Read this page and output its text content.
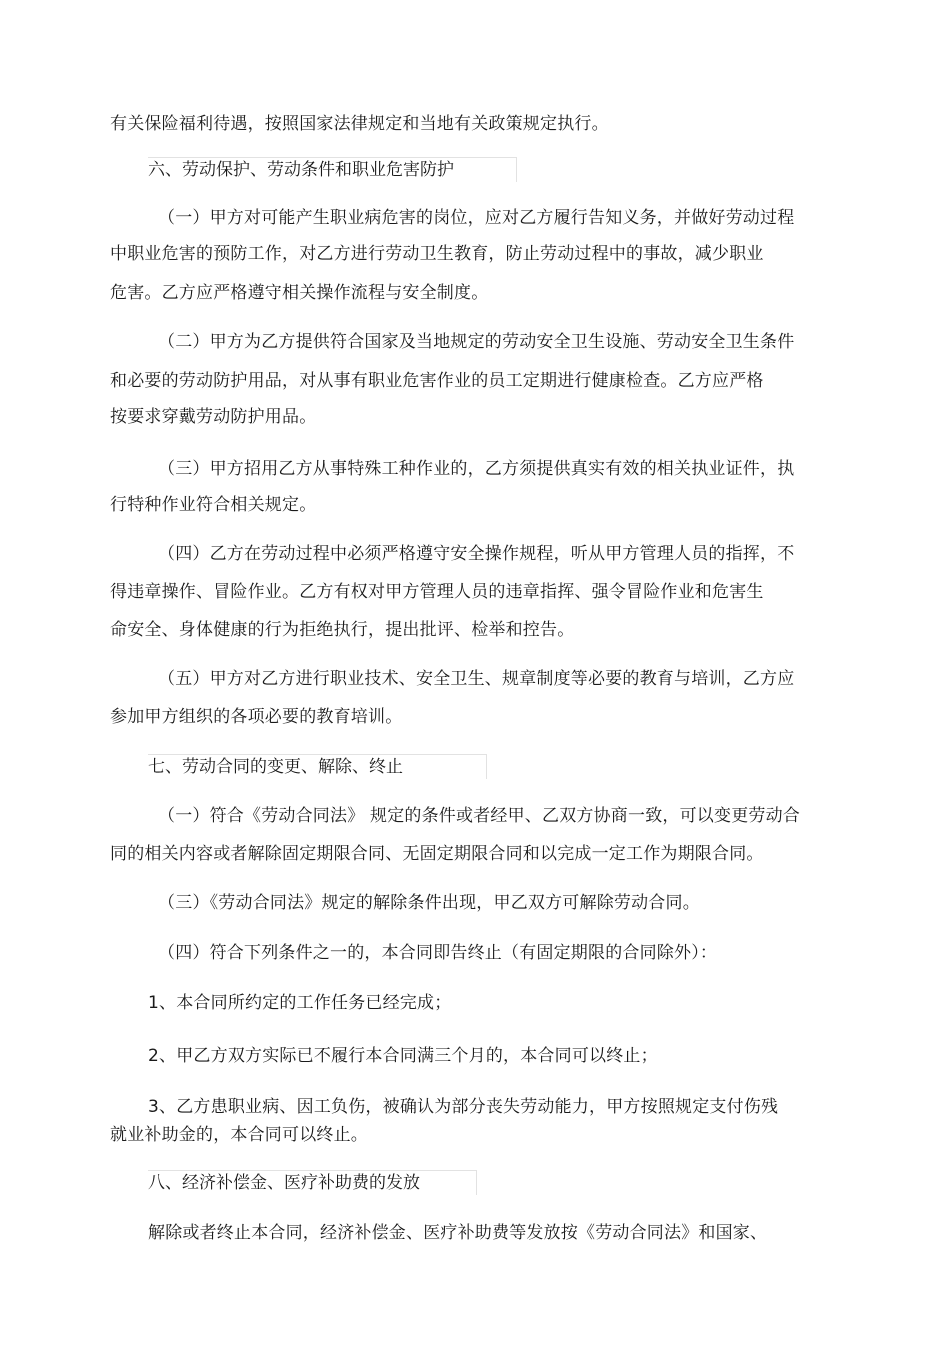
有关保险福利待遇，按照国家法律规定和当地有关政策规定执行。
六、劳动保护、劳动条件和职业危害防护
（一）甲方对可能产生职业病危害的岗位，应对乙方履行告知义务，并做好劳动过程
中职业危害的预防工作，对乙方进行劳动卫生教育，防止劳动过程中的事故，减少职业
危害。乙方应严格遵守相关操作流程与安全制度。
（二）甲方为乙方提供符合国家及当地规定的劳动安全卫生设施、劳动安全卫生条件
和必要的劳动防护用品，对从事有职业危害作业的员工定期进行健康检查。乙方应严格
按要求穿戴劳动防护用品。
（三）甲方招用乙方从事特殊工种作业的，乙方须提供真实有效的相关执业证件，执
行特种作业符合相关规定。
（四）乙方在劳动过程中必须严格遵守安全操作规程，听从甲方管理人员的指挥，不
得违章操作、冒险作业。乙方有权对甲方管理人员的违章指挥、强令冒险作业和危害生
命安全、身体健康的行为拒绝执行，提出批评、检举和控告。
（五）甲方对乙方进行职业技术、安全卫生、规章制度等必要的教育与培训，乙方应
参加甲方组织的各项必要的教育培训。
七、劳动合同的变更、解除、终止
（一）符合《劳动合同法》 规定的条件或者经甲、乙双方协商一致，可以变更劳动合
同的相关内容或者解除固定期限合同、无固定期限合同和以完成一定工作为期限合同。
（三）《劳动合同法》规定的解除条件出现，甲乙双方可解除劳动合同。
（四）符合下列条件之一的，本合同即告终止（有固定期限的合同除外）：
1、本合同所约定的工作任务已经完成；
2、甲乙方双方实际已不履行本合同满三个月的，本合同可以终止；
3、乙方患职业病、因工负伤，被确认为部分丧失劳动能力，甲方按照规定支付伤残
就业补助金的，本合同可以终止。
八、经济补偿金、医疗补助费的发放
解除或者终止本合同，经济补偿金、医疗补助费等发放按《劳动合同法》和国家、
